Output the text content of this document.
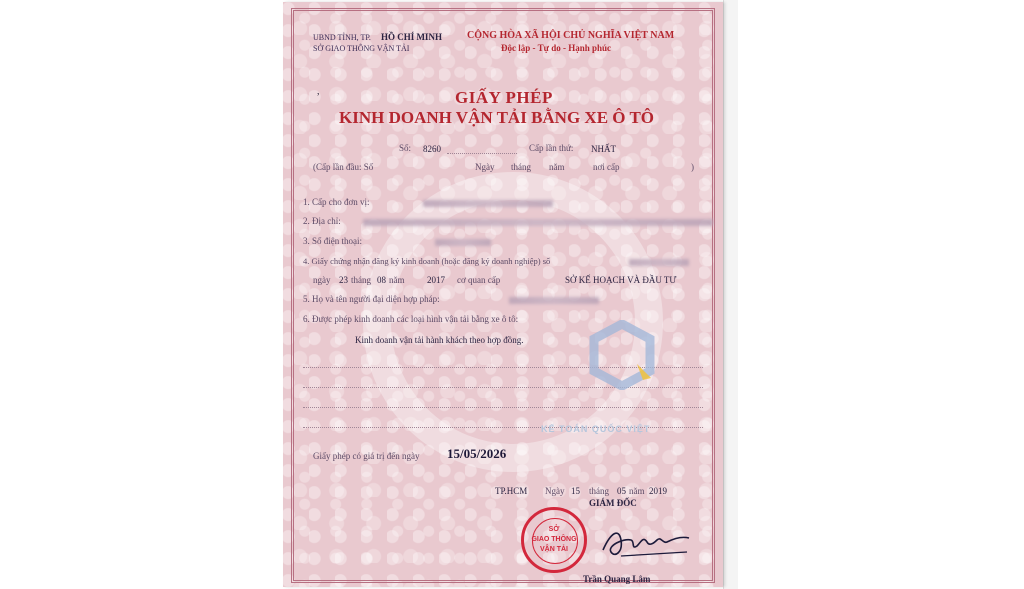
UBND TỈNH, TP. HỒ CHÍ MINH
SỞ GIAO THÔNG VẬN TẢI
CỘNG HÒA XÃ HỘI CHỦ NGHĨA VIỆT NAM
Độc lập - Tự do - Hạnh phúc
GIẤY PHÉP
KINH DOANH VẬN TẢI BẰNG XE Ô TÔ
Số: 8260	Cấp lần thứ: NHẤT
(Cấp lần đầu: Số	Ngày tháng năm	nơi cấp	)
1. Cấp cho đơn vị:
2. Địa chỉ:
3. Số điện thoại:
4. Giấy chứng nhận đăng ký kinh doanh (hoặc đăng ký doanh nghiệp) số
ngày 23 tháng 08 năm	2017 cơ quan cấp	SỞ KẾ HOẠCH VÀ ĐẦU TƯ
5. Họ và tên người đại diện hợp pháp:
6. Được phép kinh doanh các loại hình vận tải bằng xe ô tô:
Kinh doanh vận tải hành khách theo hợp đồng.
KẾ TOÁN QUỐC VIỆT
Giấy phép có giá trị đến ngày 15/05/2026
TP.HCM Ngày 15 tháng 05 năm 2019
GIÁM ĐỐC
SỞ
GIAO THÔNG
VẬN TẢI
Trần Quang Lâm
,
